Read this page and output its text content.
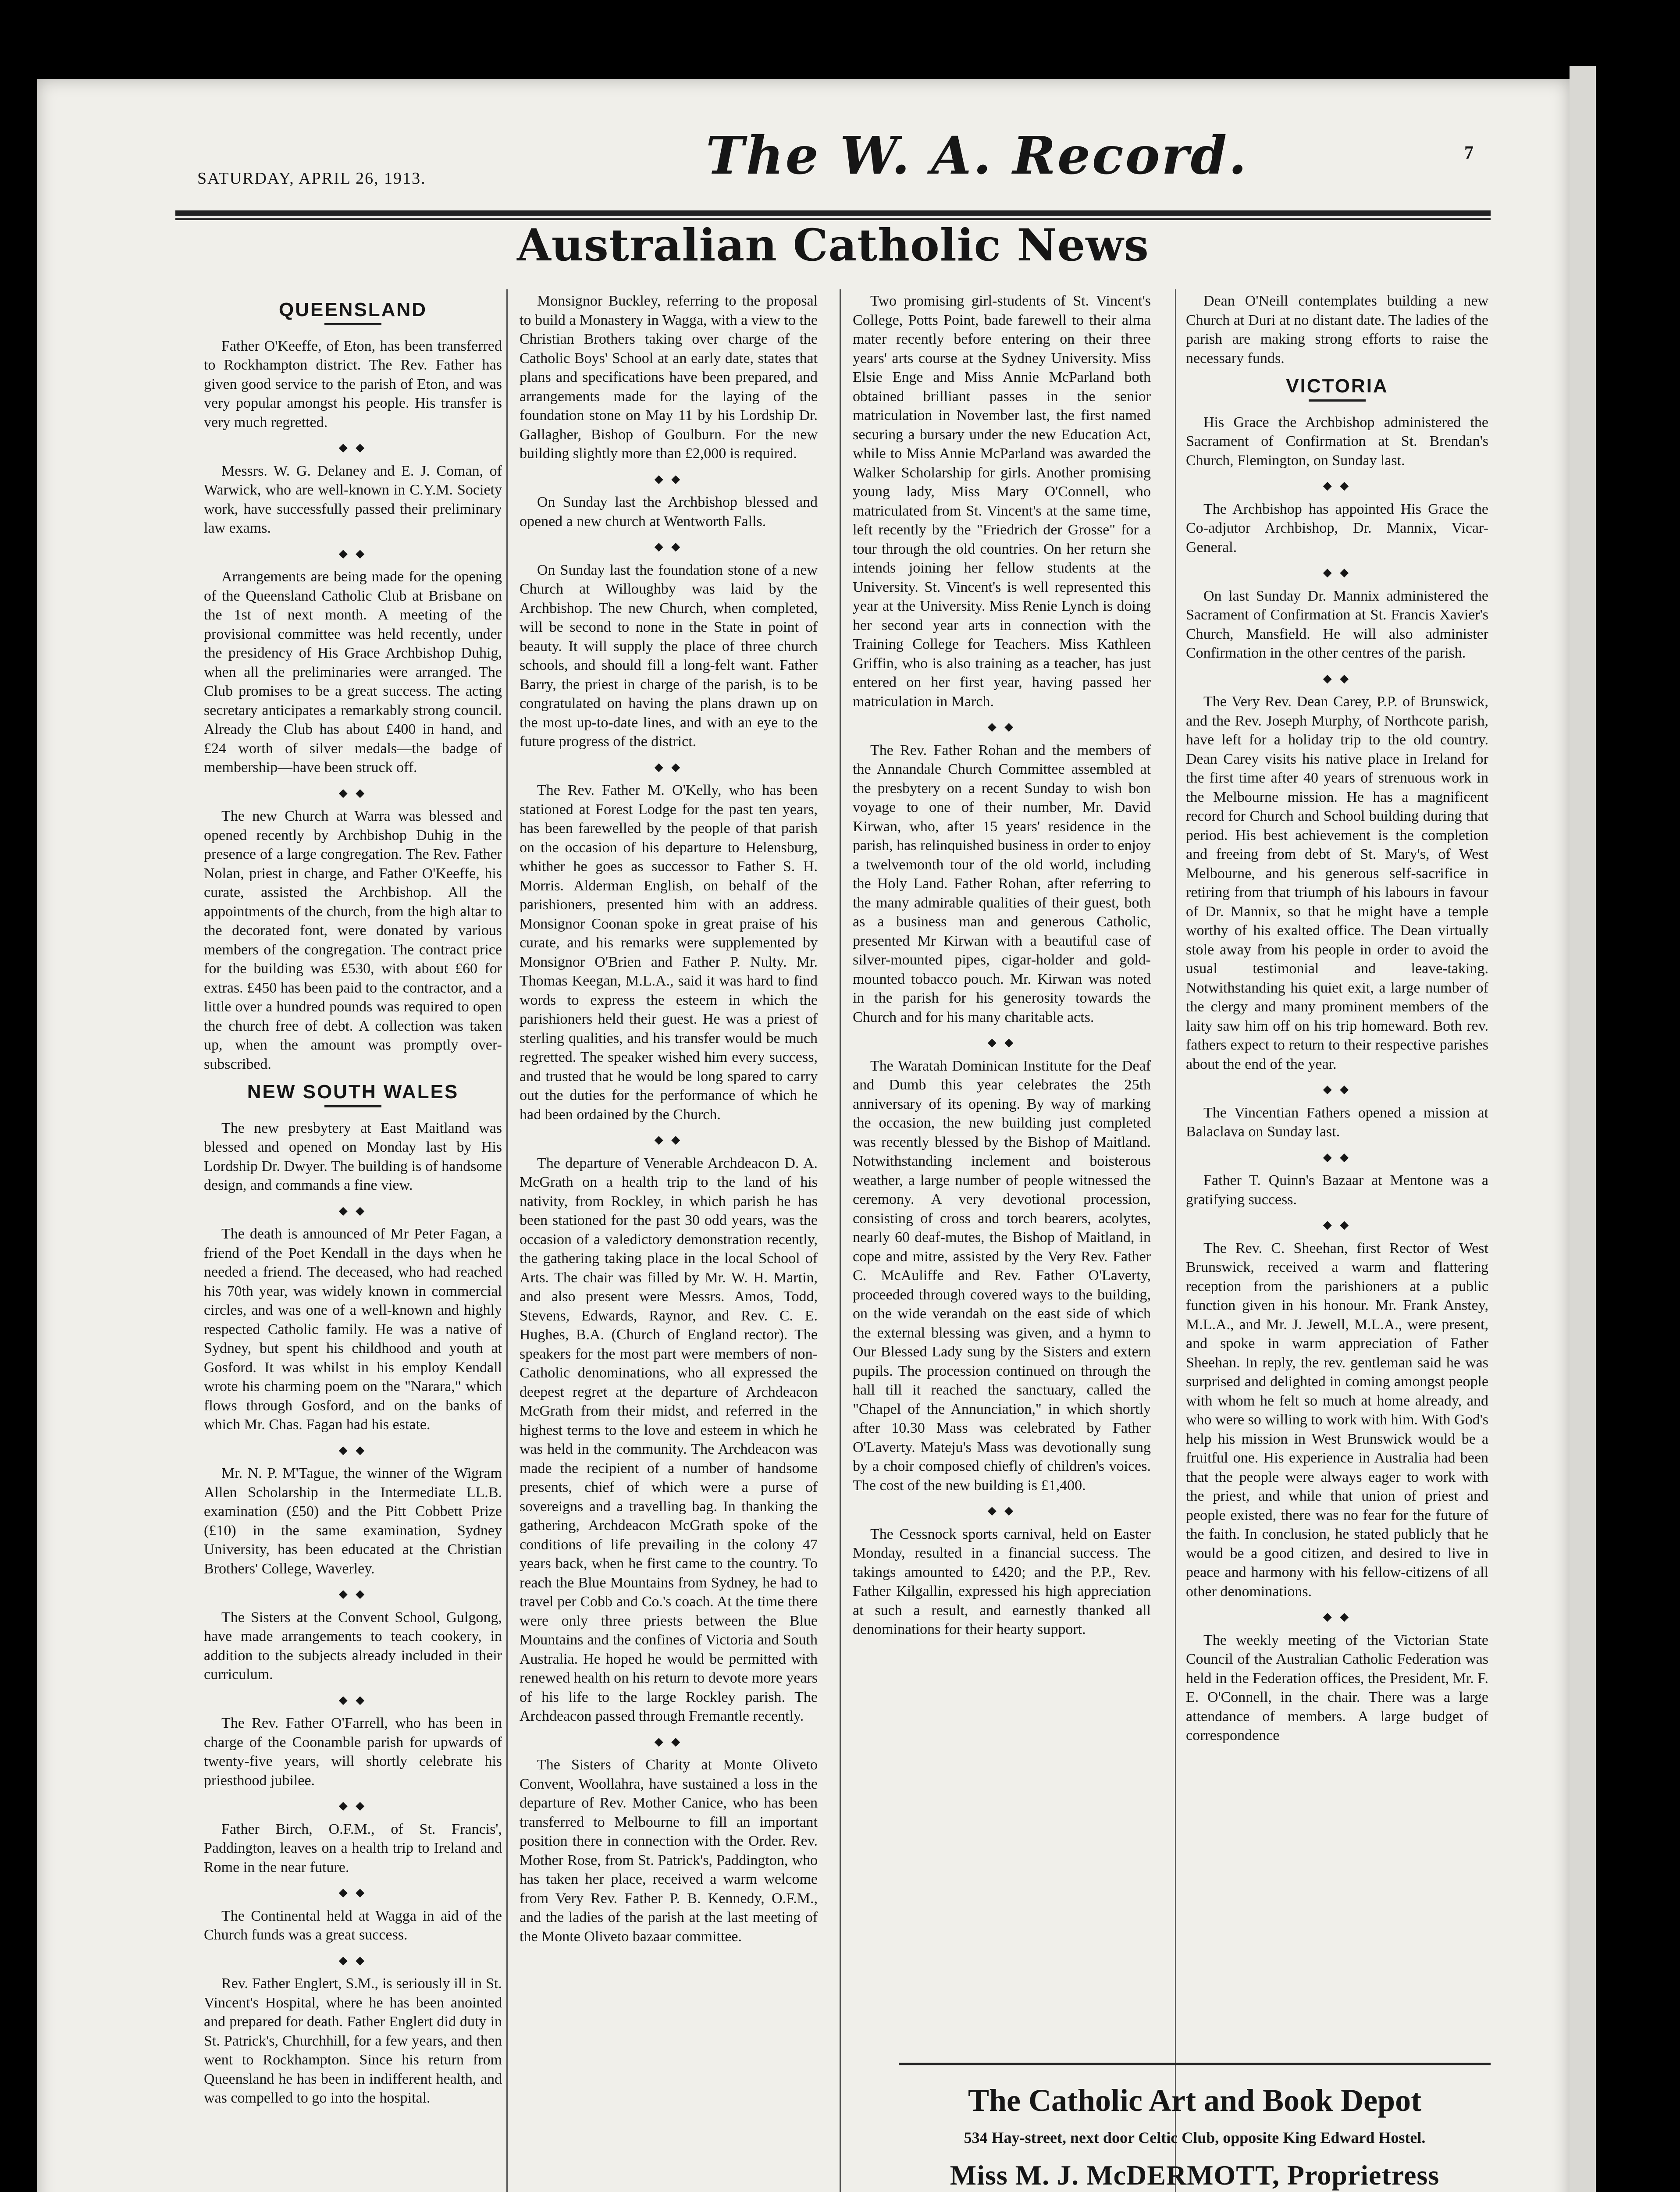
SATURDAY, APRIL 26, 1913.	The W. A. Record.	7
Australian Catholic News
QUEENSLAND

Father O'Keeffe, of Eton, has been transferred to Rockhampton district. The Rev. Father has given good service to the parish of Eton, and was very popular amongst his people. His transfer is very much regretted.

◆ ◆

Messrs. W. G. Delaney and E. J. Coman, of Warwick, who are well-known in C.Y.M. Society work, have successfully passed their preliminary law exams.

◆ ◆

Arrangements are being made for the opening of the Queensland Catholic Club at Brisbane on the 1st of next month. A meeting of the provisional committee was held recently, under the presidency of His Grace Archbishop Duhig, when all the preliminaries were arranged. The Club promises to be a great success. The acting secretary anticipates a remarkably strong council. Already the Club has about £400 in hand, and £24 worth of silver medals—the badge of membership—have been struck off.

◆ ◆

The new Church at Warra was blessed and opened recently by Archbishop Duhig in the presence of a large congregation. The Rev. Father Nolan, priest in charge, and Father O'Keeffe, his curate, assisted the Archbishop. All the appointments of the church, from the high altar to the decorated font, were donated by various members of the congregation. The contract price for the building was £530, with about £60 for extras. £450 has been paid to the contractor, and a little over a hundred pounds was required to open the church free of debt. A collection was taken up, when the amount was promptly over-subscribed.

NEW SOUTH WALES

The new presbytery at East Maitland was blessed and opened on Monday last by His Lordship Dr. Dwyer. The building is of handsome design, and commands a fine view.

◆ ◆

The death is announced of Mr Peter Fagan, a friend of the Poet Kendall in the days when he needed a friend. The deceased, who had reached his 70th year, was widely known in commercial circles, and was one of a well-known and highly respected Catholic family. He was a native of Sydney, but spent his childhood and youth at Gosford. It was whilst in his employ Kendall wrote his charming poem on the "Narara," which flows through Gosford, and on the banks of which Mr. Chas. Fagan had his estate.

◆ ◆

Mr. N. P. M'Tague, the winner of the Wigram Allen Scholarship in the Intermediate LL.B. examination (£50) and the Pitt Cobbett Prize (£10) in the same examination, Sydney University, has been educated at the Christian Brothers' College, Waverley.

◆ ◆

The Sisters at the Convent School, Gulgong, have made arrangements to teach cookery, in addition to the subjects already included in their curriculum.

◆ ◆

The Rev. Father O'Farrell, who has been in charge of the Coonamble parish for upwards of twenty-five years, will shortly celebrate his priesthood jubilee.

◆ ◆

Father Birch, O.F.M., of St. Francis', Paddington, leaves on a health trip to Ireland and Rome in the near future.

◆ ◆

The Continental held at Wagga in aid of the Church funds was a great success.

◆ ◆

Rev. Father Englert, S.M., is seriously ill in St. Vincent's Hospital, where he has been anointed and prepared for death. Father Englert did duty in St. Patrick's, Churchhill, for a few years, and then went to Rockhampton. Since his return from Queensland he has been in indifferent health, and was compelled to go into the hospital.

Monsignor Buckley, referring to the proposal to build a Monastery in Wagga, with a view to the Christian Brothers taking over charge of the Catholic Boys' School at an early date, states that plans and specifications have been prepared, and arrangements made for the laying of the foundation stone on May 11 by his Lordship Dr. Gallagher, Bishop of Goulburn. For the new building slightly more than £2,000 is required.

◆ ◆

On Sunday last the Archbishop blessed and opened a new church at Wentworth Falls.

◆ ◆

On Sunday last the foundation stone of a new Church at Willoughby was laid by the Archbishop. The new Church, when completed, will be second to none in the State in point of beauty. It will supply the place of three church schools, and should fill a long-felt want. Father Barry, the priest in charge of the parish, is to be congratulated on having the plans drawn up on the most up-to-date lines, and with an eye to the future progress of the district.

◆ ◆

The Rev. Father M. O'Kelly, who has been stationed at Forest Lodge for the past ten years, has been farewelled by the people of that parish on the occasion of his departure to Helensburg, whither he goes as successor to Father S. H. Morris. Alderman English, on behalf of the parishioners, presented him with an address. Monsignor Coonan spoke in great praise of his curate, and his remarks were supplemented by Monsignor O'Brien and Father P. Nulty. Mr. Thomas Keegan, M.L.A., said it was hard to find words to express the esteem in which the parishioners held their guest. He was a priest of sterling qualities, and his transfer would be much regretted. The speaker wished him every success, and trusted that he would be long spared to carry out the duties for the performance of which he had been ordained by the Church.

◆ ◆

The departure of Venerable Archdeacon D. A. McGrath on a health trip to the land of his nativity, from Rockley, in which parish he has been stationed for the past 30 odd years, was the occasion of a valedictory demonstration recently, the gathering taking place in the local School of Arts. The chair was filled by Mr. W. H. Martin, and also present were Messrs. Amos, Todd, Stevens, Edwards, Raynor, and Rev. C. E. Hughes, B.A. (Church of England rector). The speakers for the most part were members of non-Catholic denominations, who all expressed the deepest regret at the departure of Archdeacon McGrath from their midst, and referred in the highest terms to the love and esteem in which he was held in the community. The Archdeacon was made the recipient of a number of handsome presents, chief of which were a purse of sovereigns and a travelling bag. In thanking the gathering, Archdeacon McGrath spoke of the conditions of life prevailing in the colony 47 years back, when he first came to the country. To reach the Blue Mountains from Sydney, he had to travel per Cobb and Co.'s coach. At the time there were only three priests between the Blue Mountains and the confines of Victoria and South Australia. He hoped he would be permitted with renewed health on his return to devote more years of his life to the large Rockley parish. The Archdeacon passed through Fremantle recently.

◆ ◆

The Sisters of Charity at Monte Oliveto Convent, Woollahra, have sustained a loss in the departure of Rev. Mother Canice, who has been transferred to Melbourne to fill an important position there in connection with the Order. Rev. Mother Rose, from St. Patrick's, Paddington, who has taken her place, received a warm welcome from Very Rev. Father P. B. Kennedy, O.F.M., and the ladies of the parish at the last meeting of the Monte Oliveto bazaar committee.

Two promising girl-students of St. Vincent's College, Potts Point, bade farewell to their alma mater recently before entering on their three years' arts course at the Sydney University. Miss Elsie Enge and Miss Annie McParland both obtained brilliant passes in the senior matriculation in November last, the first named securing a bursary under the new Education Act, while to Miss Annie McParland was awarded the Walker Scholarship for girls. Another promising young lady, Miss Mary O'Connell, who matriculated from St. Vincent's at the same time, left recently by the "Friedrich der Grosse" for a tour through the old countries. On her return she intends joining her fellow students at the University. St. Vincent's is well represented this year at the University. Miss Renie Lynch is doing her second year arts in connection with the Training College for Teachers. Miss Kathleen Griffin, who is also training as a teacher, has just entered on her first year, having passed her matriculation in March.

◆ ◆

The Rev. Father Rohan and the members of the Annandale Church Committee assembled at the presbytery on a recent Sunday to wish bon voyage to one of their number, Mr. David Kirwan, who, after 15 years' residence in the parish, has relinquished business in order to enjoy a twelvemonth tour of the old world, including the Holy Land. Father Rohan, after referring to the many admirable qualities of their guest, both as a business man and generous Catholic, presented Mr Kirwan with a beautiful case of silver-mounted pipes, cigar-holder and gold-mounted tobacco pouch. Mr. Kirwan was noted in the parish for his generosity towards the Church and for his many charitable acts.

◆ ◆

The Waratah Dominican Institute for the Deaf and Dumb this year celebrates the 25th anniversary of its opening. By way of marking the occasion, the new building just completed was recently blessed by the Bishop of Maitland. Notwithstanding inclement and boisterous weather, a large number of people witnessed the ceremony. A very devotional procession, consisting of cross and torch bearers, acolytes, nearly 60 deaf-mutes, the Bishop of Maitland, in cope and mitre, assisted by the Very Rev. Father C. McAuliffe and Rev. Father O'Laverty, proceeded through covered ways to the building, on the wide verandah on the east side of which the external blessing was given, and a hymn to Our Blessed Lady sung by the Sisters and extern pupils. The procession continued on through the hall till it reached the sanctuary, called the "Chapel of the Annunciation," in which shortly after 10.30 Mass was celebrated by Father O'Laverty. Mateju's Mass was devotionally sung by a choir composed chiefly of children's voices. The cost of the new building is £1,400.

◆ ◆

The Cessnock sports carnival, held on Easter Monday, resulted in a financial success. The takings amounted to £420; and the P.P., Rev. Father Kilgallin, expressed his high appreciation at such a result, and earnestly thanked all denominations for their hearty support.

Dean O'Neill contemplates building a new Church at Duri at no distant date. The ladies of the parish are making strong efforts to raise the necessary funds.

VICTORIA

His Grace the Archbishop administered the Sacrament of Confirmation at St. Brendan's Church, Flemington, on Sunday last.

◆ ◆

The Archbishop has appointed His Grace the Co-adjutor Archbishop, Dr. Mannix, Vicar-General.

◆ ◆

On last Sunday Dr. Mannix administered the Sacrament of Confirmation at St. Francis Xavier's Church, Mansfield. He will also administer Confirmation in the other centres of the parish.

◆ ◆

The Very Rev. Dean Carey, P.P. of Brunswick, and the Rev. Joseph Murphy, of Northcote parish, have left for a holiday trip to the old country. Dean Carey visits his native place in Ireland for the first time after 40 years of strenuous work in the Melbourne mission. He has a magnificent record for Church and School building during that period. His best achievement is the completion and freeing from debt of St. Mary's, of West Melbourne, and his generous self-sacrifice in retiring from that triumph of his labours in favour of Dr. Mannix, so that he might have a temple worthy of his exalted office. The Dean virtually stole away from his people in order to avoid the usual testimonial and leave-taking. Notwithstanding his quiet exit, a large number of the clergy and many prominent members of the laity saw him off on his trip homeward. Both rev. fathers expect to return to their respective parishes about the end of the year.

◆ ◆

The Vincentian Fathers opened a mission at Balaclava on Sunday last.

◆ ◆

Father T. Quinn's Bazaar at Mentone was a gratifying success.

◆ ◆

The Rev. C. Sheehan, first Rector of West Brunswick, received a warm and flattering reception from the parishioners at a public function given in his honour. Mr. Frank Anstey, M.L.A., and Mr. J. Jewell, M.L.A., were present, and spoke in warm appreciation of Father Sheehan. In reply, the rev. gentleman said he was surprised and delighted in coming amongst people with whom he felt so much at home already, and who were so willing to work with him. With God's help his mission in West Brunswick would be a fruitful one. His experience in Australia had been that the people were always eager to work with the priest, and while that union of priest and people existed, there was no fear for the future of the faith. In conclusion, he stated publicly that he would be a good citizen, and desired to live in peace and harmony with his fellow-citizens of all other denominations.

◆ ◆

The weekly meeting of the Victorian State Council of the Australian Catholic Federation was held in the Federation offices, the President, Mr. F. E. O'Connell, in the chair. There was a large attendance of members. A large budget of correspondence

The Catholic Art and Book Depot
534 Hay-street, next door Celtic Club, opposite King Edward Hostel.
Miss M. J. McDERMOTT, Proprietress
